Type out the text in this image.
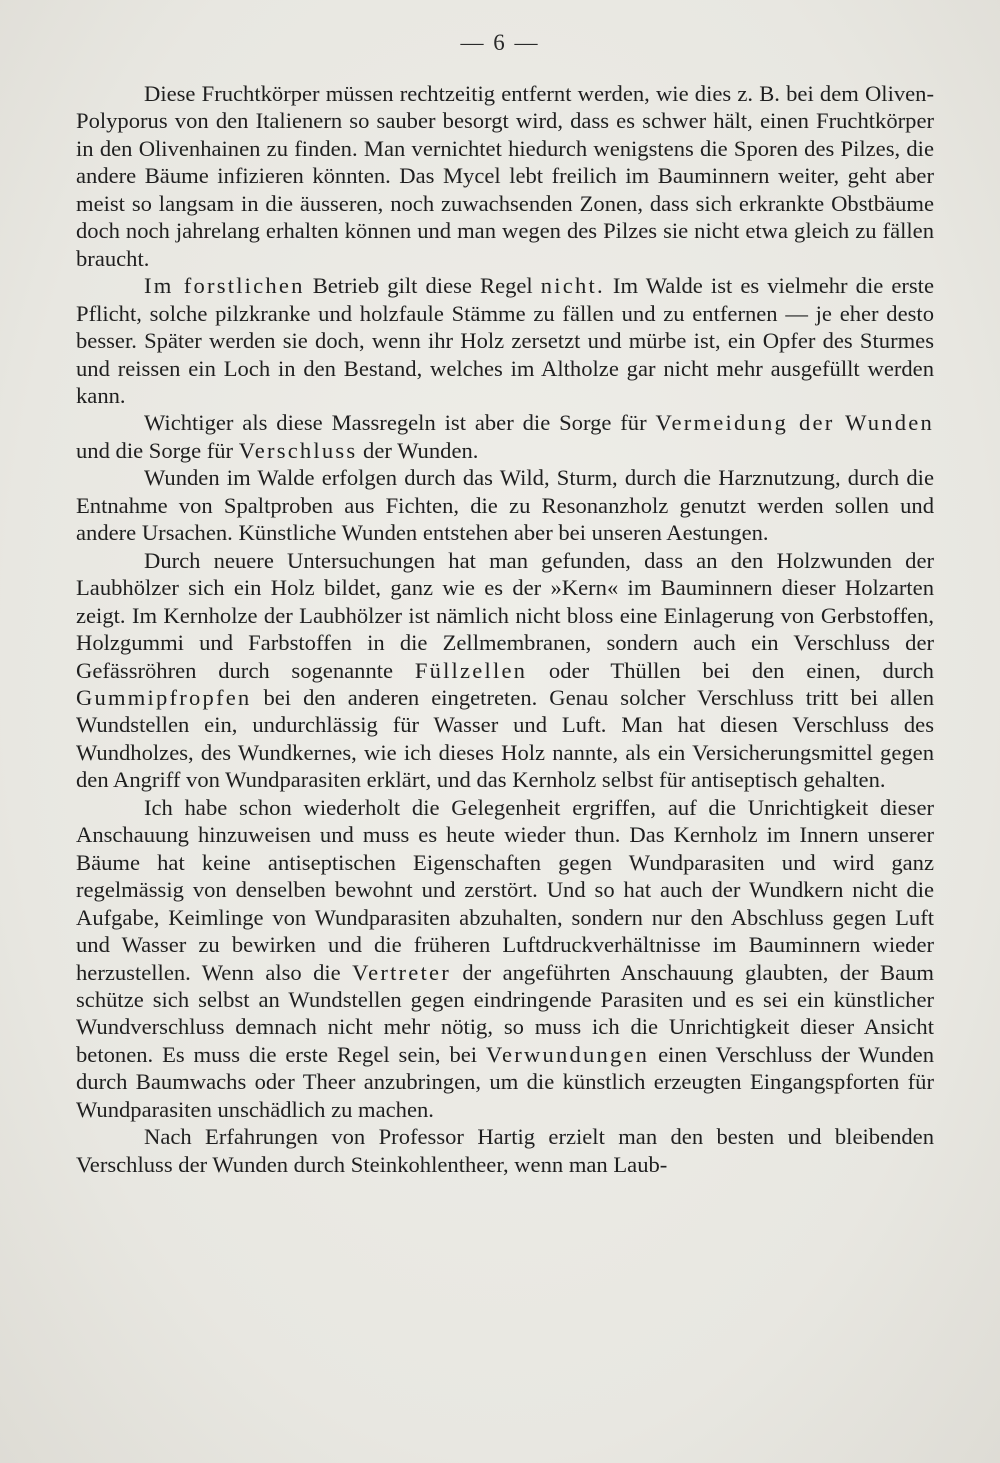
— 6 —

Diese Fruchtkörper müssen rechtzeitig entfernt werden, wie dies z. B. bei dem Oliven-Polyporus von den Italienern so sauber besorgt wird, dass es schwer hält, einen Fruchtkörper in den Olivenhainen zu finden. Man vernichtet hiedurch wenigstens die Sporen des Pilzes, die andere Bäume infizieren könnten. Das Mycel lebt freilich im Bauminnern weiter, geht aber meist so langsam in die äusseren, noch zuwachsenden Zonen, dass sich erkrankte Obstbäume doch noch jahrelang erhalten können und man wegen des Pilzes sie nicht etwa gleich zu fällen braucht.

Im forstlichen Betrieb gilt diese Regel nicht. Im Walde ist es vielmehr die erste Pflicht, solche pilzkranke und holzfaule Stämme zu fällen und zu entfernen — je eher desto besser. Später werden sie doch, wenn ihr Holz zersetzt und mürbe ist, ein Opfer des Sturmes und reissen ein Loch in den Bestand, welches im Altholze gar nicht mehr ausgefüllt werden kann.

Wichtiger als diese Massregeln ist aber die Sorge für Vermeidung der Wunden und die Sorge für Verschluss der Wunden.

Wunden im Walde erfolgen durch das Wild, Sturm, durch die Harznutzung, durch die Entnahme von Spaltproben aus Fichten, die zu Resonanzholz genutzt werden sollen und andere Ursachen. Künstliche Wunden entstehen aber bei unseren Aestungen.

Durch neuere Untersuchungen hat man gefunden, dass an den Holzwunden der Laubhölzer sich ein Holz bildet, ganz wie es der »Kern« im Bauminnern dieser Holzarten zeigt. Im Kernholze der Laubhölzer ist nämlich nicht bloss eine Einlagerung von Gerbstoffen, Holzgummi und Farbstoffen in die Zellmembranen, sondern auch ein Verschluss der Gefässröhren durch sogenannte Füllzellen oder Thüllen bei den einen, durch Gummipfropfen bei den anderen eingetreten. Genau solcher Verschluss tritt bei allen Wundstellen ein, undurchlässig für Wasser und Luft. Man hat diesen Verschluss des Wundholzes, des Wundkernes, wie ich dieses Holz nannte, als ein Versicherungsmittel gegen den Angriff von Wundparasiten erklärt, und das Kernholz selbst für antiseptisch gehalten.

Ich habe schon wiederholt die Gelegenheit ergriffen, auf die Unrichtigkeit dieser Anschauung hinzuweisen und muss es heute wieder thun. Das Kernholz im Innern unserer Bäume hat keine antiseptischen Eigenschaften gegen Wundparasiten und wird ganz regelmässig von denselben bewohnt und zerstört. Und so hat auch der Wundkern nicht die Aufgabe, Keimlinge von Wundparasiten abzuhalten, sondern nur den Abschluss gegen Luft und Wasser zu bewirken und die früheren Luftdruckverhältnisse im Bauminnern wieder herzustellen. Wenn also die Vertreter der angeführten Anschauung glaubten, der Baum schütze sich selbst an Wundstellen gegen eindringende Parasiten und es sei ein künstlicher Wundverschluss demnach nicht mehr nötig, so muss ich die Unrichtigkeit dieser Ansicht betonen. Es muss die erste Regel sein, bei Verwundungen einen Verschluss der Wunden durch Baumwachs oder Theer anzubringen, um die künstlich erzeugten Eingangspforten für Wundparasiten unschädlich zu machen.

Nach Erfahrungen von Professor Hartig erzielt man den besten und bleibenden Verschluss der Wunden durch Steinkohlentheer, wenn man Laub-
